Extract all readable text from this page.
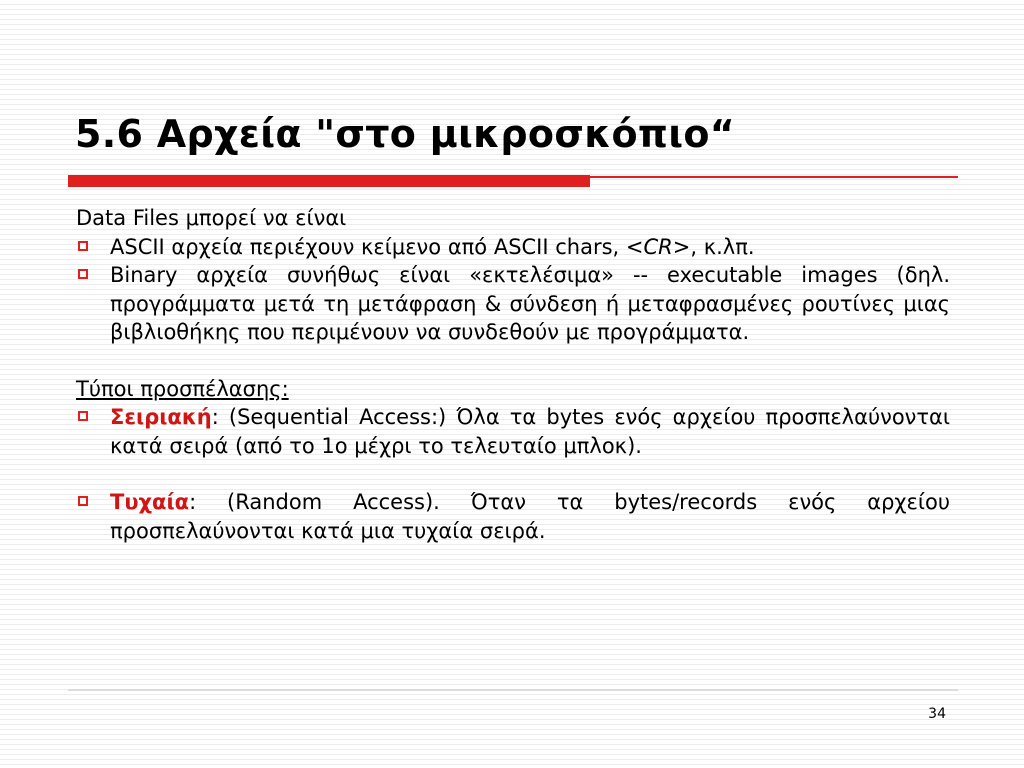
5.6 Αρχεία "στο μικροσκόπιο“

Data Files μπορεί να είναι

ASCII αρχεία περιέχουν κείμενο από ASCII chars, <CR>, κ.λπ.

Binary αρχεία συνήθως είναι «εκτελέσιμα» -- executable images (δηλ. προγράμματα μετά τη μετάφραση & σύνδεση ή μεταφρασμένες ρουτίνες μιας βιβλιοθήκης που περιμένουν να συνδεθούν με προγράμματα.

Τύποι προσπέλασης:

Σειριακή: (Sequential Access:) Όλα τα bytes ενός αρχείου προσπελαύνονται κατά σειρά (από το 1ο μέχρι το τελευταίο μπλοκ).

Τυχαία: (Random Access). Όταν τα bytes/records ενός αρχείου προσπελαύνονται κατά μια τυχαία σειρά.

34
